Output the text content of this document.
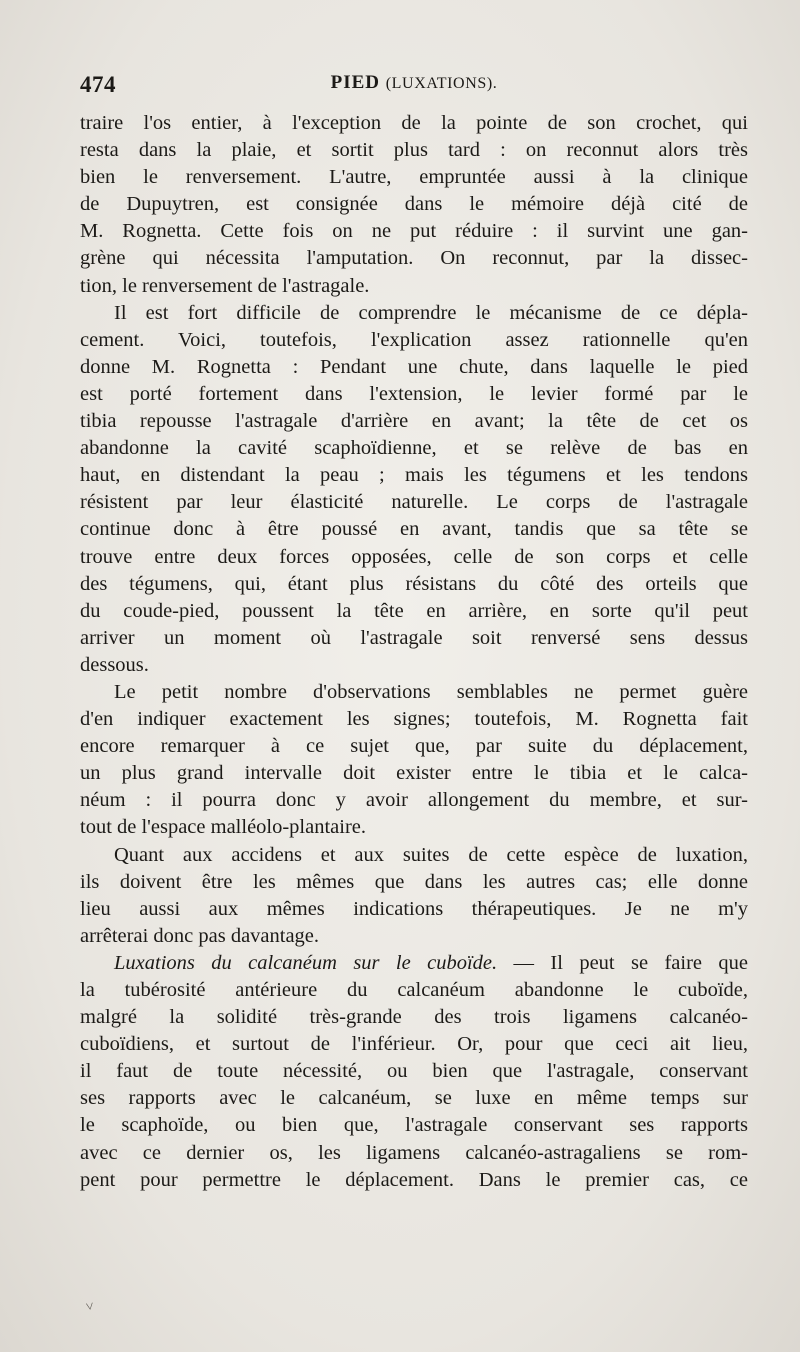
474	PIED (LUXATIONS).
traire l'os entier, à l'exception de la pointe de son crochet, qui
resta dans la plaie, et sortit plus tard : on reconnut alors très
bien le renversement. L'autre, empruntée aussi à la clinique
de Dupuytren, est consignée dans le mémoire déjà cité de
M. Rognetta. Cette fois on ne put réduire : il survint une gan-
grène qui nécessita l'amputation. On reconnut, par la dissec-
tion, le renversement de l'astragale.
Il est fort difficile de comprendre le mécanisme de ce dépla-
cement. Voici, toutefois, l'explication assez rationnelle qu'en
donne M. Rognetta : Pendant une chute, dans laquelle le pied
est porté fortement dans l'extension, le levier formé par le
tibia repousse l'astragale d'arrière en avant; la tête de cet os
abandonne la cavité scaphoïdienne, et se relève de bas en
haut, en distendant la peau ; mais les tégumens et les tendons
résistent par leur élasticité naturelle. Le corps de l'astragale
continue donc à être poussé en avant, tandis que sa tête se
trouve entre deux forces opposées, celle de son corps et celle
des tégumens, qui, étant plus résistans du côté des orteils que
du coude-pied, poussent la tête en arrière, en sorte qu'il peut
arriver un moment où l'astragale soit renversé sens dessus
dessous.
Le petit nombre d'observations semblables ne permet guère
d'en indiquer exactement les signes; toutefois, M. Rognetta fait
encore remarquer à ce sujet que, par suite du déplacement,
un plus grand intervalle doit exister entre le tibia et le calca-
néum : il pourra donc y avoir allongement du membre, et sur-
tout de l'espace malléolo-plantaire.
Quant aux accidens et aux suites de cette espèce de luxation,
ils doivent être les mêmes que dans les autres cas; elle donne
lieu aussi aux mêmes indications thérapeutiques. Je ne m'y
arrêterai donc pas davantage.
Luxations du calcanéum sur le cuboïde. — Il peut se faire que
la tubérosité antérieure du calcanéum abandonne le cuboïde,
malgré la solidité très-grande des trois ligamens calcanéo-
cuboïdiens, et surtout de l'inférieur. Or, pour que ceci ait lieu,
il faut de toute nécessité, ou bien que l'astragale, conservant
ses rapports avec le calcanéum, se luxe en même temps sur
le scaphoïde, ou bien que, l'astragale conservant ses rapports
avec ce dernier os, les ligamens calcanéo-astragaliens se rom-
pent pour permettre le déplacement. Dans le premier cas, ce
˅
